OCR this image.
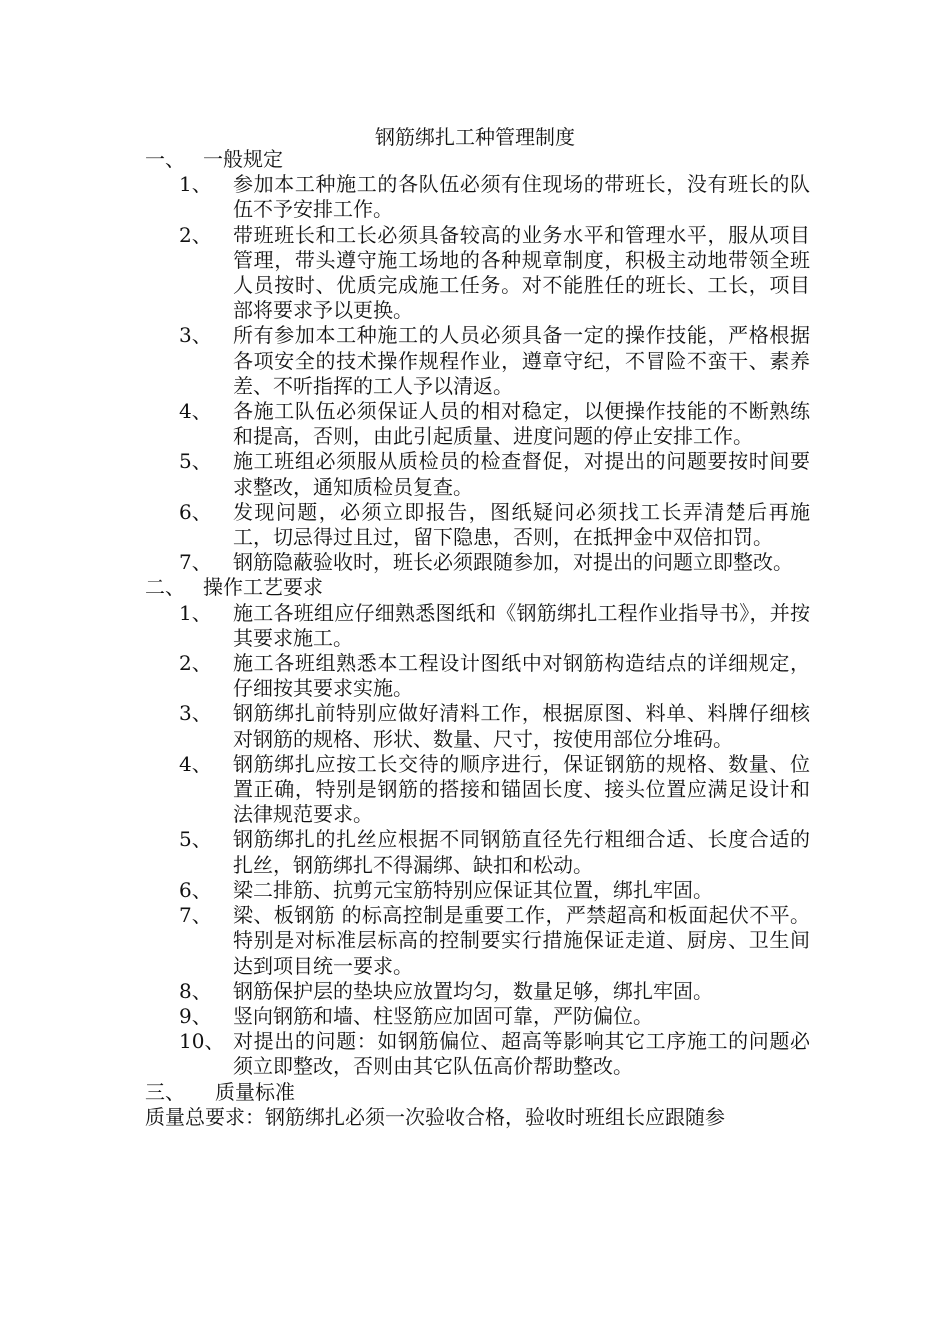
钢筋绑扎工种管理制度
一、 一般规定
1、	参加本工种施工的各队伍必须有住现场的带班长，没有班长的队伍不予安排工作。
2、	带班班长和工长必须具备较高的业务水平和管理水平，服从项目管理，带头遵守施工场地的各种规章制度，积极主动地带领全班人员按时、优质完成施工任务。对不能胜任的班长、工长，项目部将要求予以更换。
3、	所有参加本工种施工的人员必须具备一定的操作技能，严格根据各项安全的技术操作规程作业，遵章守纪，不冒险不蛮干、素养差、不听指挥的工人予以清返。
4、	各施工队伍必须保证人员的相对稳定，以便操作技能的不断熟练和提高，否则，由此引起质量、进度问题的停止安排工作。
5、	施工班组必须服从质检员的检查督促，对提出的问题要按时间要求整改，通知质检员复查。
6、	发现问题，必须立即报告，图纸疑问必须找工长弄清楚后再施工，切忌得过且过，留下隐患，否则，在抵押金中双倍扣罚。
7、	钢筋隐蔽验收时，班长必须跟随参加，对提出的问题立即整改。
二、 操作工艺要求
1、	施工各班组应仔细熟悉图纸和《钢筋绑扎工程作业指导书》，并按其要求施工。
2、	施工各班组熟悉本工程设计图纸中对钢筋构造结点的详细规定，仔细按其要求实施。
3、	钢筋绑扎前特别应做好清料工作，根据原图、料单、料牌仔细核对钢筋的规格、形状、数量、尺寸，按使用部位分堆码。
4、	钢筋绑扎应按工长交待的顺序进行，保证钢筋的规格、数量、位置正确，特别是钢筋的搭接和锚固长度、接头位置应满足设计和法律规范要求。
5、	钢筋绑扎的扎丝应根据不同钢筋直径先行粗细合适、长度合适的扎丝，钢筋绑扎不得漏绑、缺扣和松动。
6、	梁二排筋、抗剪元宝筋特别应保证其位置，绑扎牢固。
7、	梁、板钢筋 的标高控制是重要工作，严禁超高和板面起伏不平。特别是对标准层标高的控制要实行措施保证走道、厨房、卫生间达到项目统一要求。
8、	钢筋保护层的垫块应放置均匀，数量足够，绑扎牢固。
9、	竖向钢筋和墙、柱竖筋应加固可靠，严防偏位。
10、 对提出的问题：如钢筋偏位、超高等影响其它工序施工的问题必须立即整改，否则由其它队伍高价帮助整改。
三、	质量标准

质量总要求：钢筋绑扎必须一次验收合格，验收时班组长应跟随参
